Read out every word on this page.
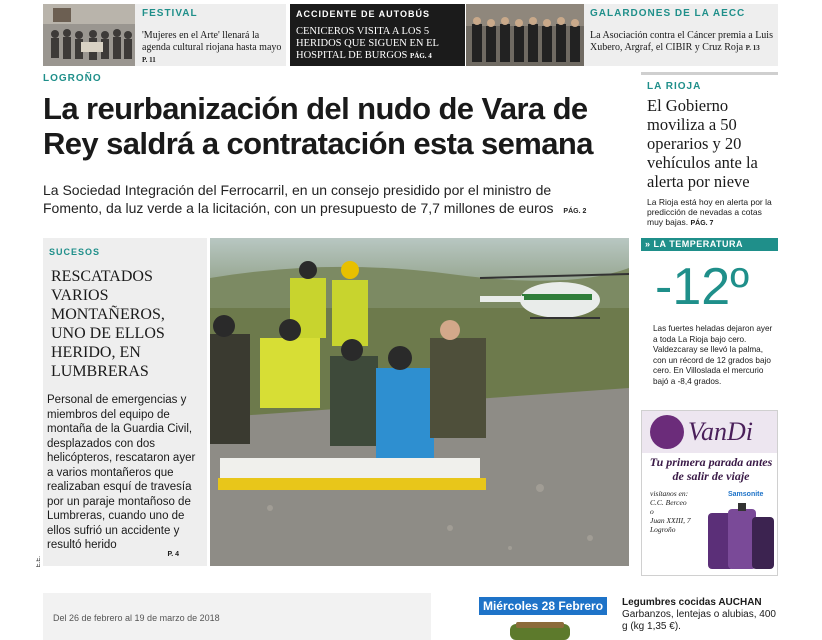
FESTIVAL
'Mujeres en el Arte' llenará la agenda cultural riojana hasta mayo P. 11
ACCIDENTE DE AUTOBÚS
CENICEROS VISITA A LOS 5 HERIDOS QUE SIGUEN EN EL HOSPITAL DE BURGOS PÁG. 4
GALARDONES DE LA AECC
La Asociación contra el Cáncer premia a Luis Xubero, Argraf, el CIBIR y Cruz Roja P. 13
LOGROÑO
La reurbanización del nudo de Vara de
Rey saldrá a contratación esta semana
La Sociedad Integración del Ferrocarril, en un consejo presidido por el ministro de
Fomento, da luz verde a la licitación, con un presupuesto de 7,7 millones de euros PÁG. 2
LA RIOJA
El Gobierno moviliza a 50 operarios y 20 vehículos ante la alerta por nieve
La Rioja está hoy en alerta por la predicción de nevadas a cotas muy bajas. PÁG. 7
» LA TEMPERATURA MÍNIMA
-12º
Las fuertes heladas dejaron ayer a toda La Rioja bajo cero. Valdezcaray se llevó la palma, con un récord de 12 grados bajo cero. En Villoslada el mercurio bajó a -8,4 grados.
VanDi
Tu primera parada antes de salir de viaje
visítanos en:
C.C. Berceo
o
Juan XXIII, 7
Logroño
Samsonite
SUCESOS
RESCATADOS VARIOS MONTAÑEROS, UNO DE ELLOS HERIDO, EN LUMBRERAS
Personal de emergencias y miembros del equipo de montaña de la Guardia Civil, desplazados con dos helicópteros, rescataron ayer a varios montañeros que realizaban esquí de travesía por un paraje montañoso de Lumbreras, cuando uno de ellos sufrió un accidente y resultó herido
P. 4
E.E.
Del 26 de febrero al 19 de marzo de 2018
Miércoles 28 Febrero	Legumbres cocidas AUCHAN
Garbanzos, lentejas o alubias, 400 g (kg 1,35 €).
